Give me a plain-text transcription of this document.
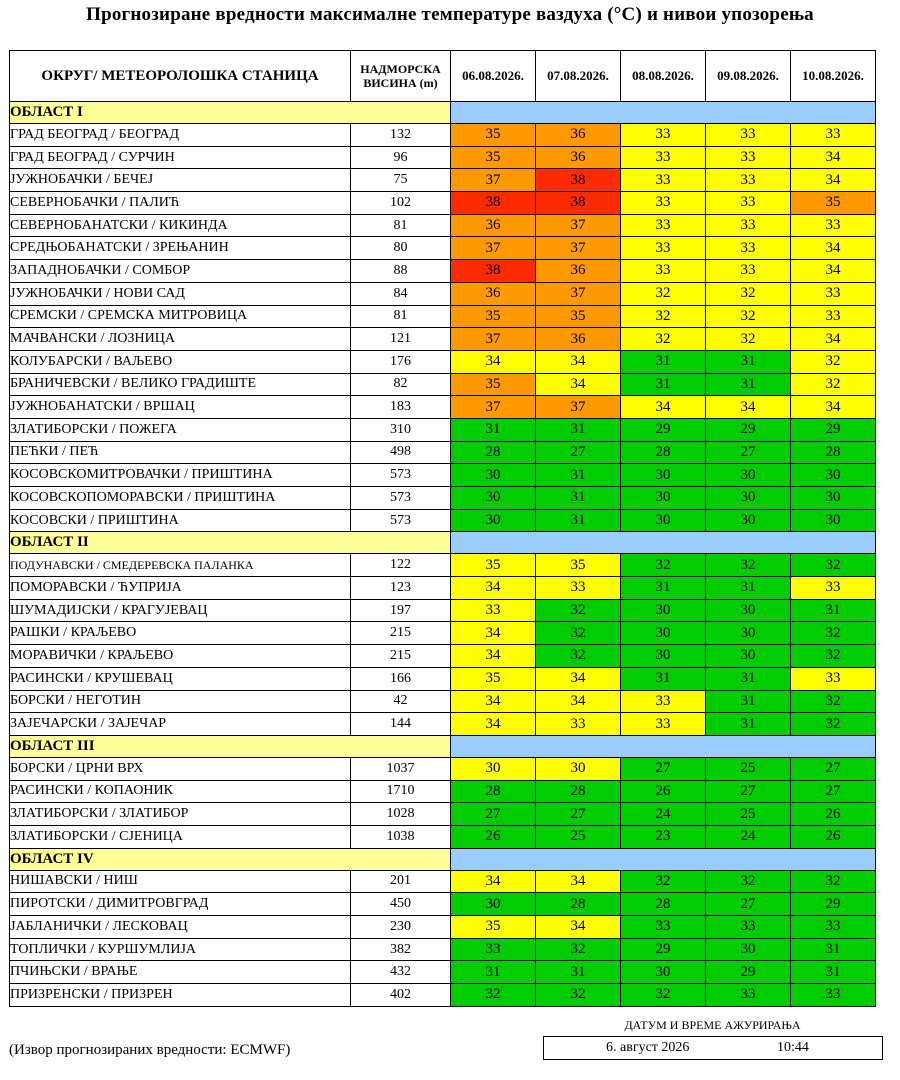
Прогнозиране вредности максималне температуре ваздуха (°C) и нивои упозорења
ОКРУГ/ МЕТЕОРОЛОШКА СТАНИЦА	НАДМОРСКА
ВИСИНА (m)	06.08.2026.	07.08.2026.	08.08.2026.	09.08.2026.	10.08.2026.
ОБЛАСТ I						
ГРАД БЕОГРАД / БЕОГРАД	132	35	36	33	33	33
ГРАД БЕОГРАД / СУРЧИН	96	35	36	33	33	34
ЈУЖНОБАЧКИ / БЕЧЕЈ	75	37	38	33	33	34
СЕВЕРНОБАЧКИ / ПАЛИЋ	102	38	38	33	33	35
СЕВЕРНОБАНАТСКИ / КИКИНДА	81	36	37	33	33	33
СРЕДЊОБАНАТСКИ / ЗРЕЊАНИН	80	37	37	33	33	34
ЗАПАДНОБАЧКИ / СОМБОР	88	38	36	33	33	34
ЈУЖНОБАЧКИ / НОВИ САД	84	36	37	32	32	33
СРЕМСКИ / СРЕМСКА МИТРОВИЦА	81	35	35	32	32	33
МАЧВАНСКИ / ЛОЗНИЦА	121	37	36	32	32	34
КОЛУБАРСКИ / ВАЉЕВО	176	34	34	31	31	32
БРАНИЧЕВСКИ / ВЕЛИКО ГРАДИШТЕ	82	35	34	31	31	32
ЈУЖНОБАНАТСКИ / ВРШАЦ	183	37	37	34	34	34
ЗЛАТИБОРСКИ / ПОЖЕГА	310	31	31	29	29	29
ПЕЋКИ / ПЕЋ	498	28	27	28	27	28
КОСОВСКОМИТРОВАЧКИ / ПРИШТИНА	573	30	31	30	30	30
КОСОВСКОПОМОРАВСКИ / ПРИШТИНА	573	30	31	30	30	30
КОСОВСКИ / ПРИШТИНА	573	30	31	30	30	30
ОБЛАСТ II						
ПОДУНАВСКИ / СМЕДЕРЕВСКА ПАЛАНКА	122	35	35	32	32	32
ПОМОРАВСКИ / ЋУПРИЈА	123	34	33	31	31	33
ШУМАДИЈСКИ / КРАГУЈЕВАЦ	197	33	32	30	30	31
РАШКИ / КРАЉЕВО	215	34	32	30	30	32
МОРАВИЧКИ / КРАЉЕВО	215	34	32	30	30	32
РАСИНСКИ / КРУШЕВАЦ	166	35	34	31	31	33
БОРСКИ / НЕГОТИН	42	34	34	33	31	32
ЗАЈЕЧАРСКИ / ЗАЈЕЧАР	144	34	33	33	31	32
ОБЛАСТ III						
БОРСКИ / ЦРНИ ВРХ	1037	30	30	27	25	27
РАСИНСКИ / КОПАОНИК	1710	28	28	26	27	27
ЗЛАТИБОРСКИ / ЗЛАТИБОР	1028	27	27	24	25	26
ЗЛАТИБОРСКИ / СЈЕНИЦА	1038	26	25	23	24	26
ОБЛАСТ IV						
НИШАВСКИ / НИШ	201	34	34	32	32	32
ПИРОТСКИ / ДИМИТРОВГРАД	450	30	28	28	27	29
ЈАБЛАНИЧКИ / ЛЕСКОВАЦ	230	35	34	33	33	33
ТОПЛИЧКИ / КУРШУМЛИЈА	382	33	32	29	30	31
ПЧИЊСКИ / ВРАЊЕ	432	31	31	30	29	31
ПРИЗРЕНСКИ / ПРИЗРЕН	402	32	32	32	33	33
ДАТУМ И ВРЕМЕ АЖУРИРАЊА
6. август 2026	10:44
(Извор прогнозираних вредности: ECMWF)
